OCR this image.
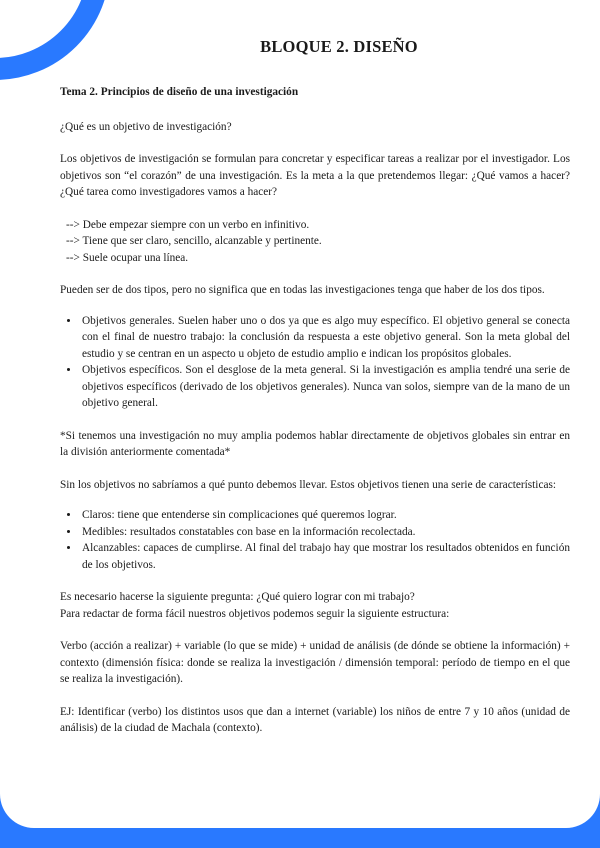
BLOQUE 2. DISEÑO

Tema 2. Principios de diseño de una investigación

¿Qué es un objetivo de investigación?

Los objetivos de investigación se formulan para concretar y especificar tareas a realizar por el investigador. Los objetivos son “el corazón” de una investigación. Es la meta a la que pretendemos llegar: ¿Qué vamos a hacer? ¿Qué tarea como investigadores vamos a hacer?

--> Debe empezar siempre con un verbo en infinitivo.

--> Tiene que ser claro, sencillo, alcanzable y pertinente.

--> Suele ocupar una línea.

Pueden ser de dos tipos, pero no significa que en todas las investigaciones tenga que haber de los dos tipos.

• Objetivos generales. Suelen haber uno o dos ya que es algo muy específico. El objetivo general se conecta con el final de nuestro trabajo: la conclusión da respuesta a este objetivo general. Son la meta global del estudio y se centran en un aspecto u objeto de estudio amplio e indican los propósitos globales.
• Objetivos específicos. Son el desglose de la meta general. Si la investigación es amplia tendré una serie de objetivos específicos (derivado de los objetivos generales). Nunca van solos, siempre van de la mano de un objetivo general.

*Si tenemos una investigación no muy amplia podemos hablar directamente de objetivos globales sin entrar en la división anteriormente comentada*

Sin los objetivos no sabríamos a qué punto debemos llevar. Estos objetivos tienen una serie de características:

• Claros: tiene que entenderse sin complicaciones qué queremos lograr.
• Medibles: resultados constatables con base en la información recolectada.
• Alcanzables: capaces de cumplirse. Al final del trabajo hay que mostrar los resultados obtenidos en función de los objetivos.

Es necesario hacerse la siguiente pregunta: ¿Qué quiero lograr con mi trabajo?

Para redactar de forma fácil nuestros objetivos podemos seguir la siguiente estructura:

Verbo (acción a realizar) + variable (lo que se mide) + unidad de análisis (de dónde se obtiene la información) + contexto (dimensión física: donde se realiza la investigación / dimensión temporal: período de tiempo en el que se realiza la investigación).

EJ: Identificar (verbo) los distintos usos que dan a internet (variable) los niños de entre 7 y 10 años (unidad de análisis) de la ciudad de Machala (contexto).
